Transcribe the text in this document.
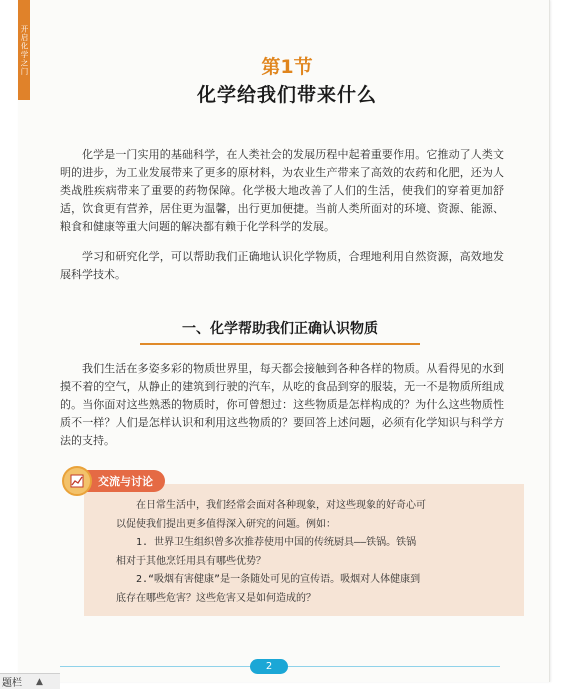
开启化学之门	第1节
化学给我们带来什么

化学是一门实用的基础科学，在人类社会的发展历程中起着重要作用。它推动了人类文明的进步，为工业发展带来了更多的原材料，为农业生产带来了高效的农药和化肥，还为人类战胜疾病带来了重要的药物保障。化学极大地改善了人们的生活，使我们的穿着更加舒适，饮食更有营养，居住更为温馨，出行更加便捷。当前人类所面对的环境、资源、能源、粮食和健康等重大问题的解决都有赖于化学科学的发展。

学习和研究化学，可以帮助我们正确地认识化学物质，合理地利用自然资源，高效地发展科学技术。

一、化学帮助我们正确认识物质

我们生活在多姿多彩的物质世界里，每天都会接触到各种各样的物质。从看得见的水到摸不着的空气，从静止的建筑到行驶的汽车，从吃的食品到穿的服装，无一不是物质所组成的。当你面对这些熟悉的物质时，你可曾想过：这些物质是怎样构成的？为什么这些物质性质不一样？人们是怎样认识和利用这些物质的？要回答上述问题，必须有化学知识与科学方法的支持。

交流与讨论

在日常生活中，我们经常会面对各种现象，对这些现象的好奇心可

以促使我们提出更多值得深入研究的问题。例如：

1. 世界卫生组织曾多次推荐使用中国的传统厨具——铁锅。铁锅

相对于其他烹饪用具有哪些优势？

2.“吸烟有害健康”是一条随处可见的宣传语。吸烟对人体健康到

底存在哪些危害？这些危害又是如何造成的？

2
题栏 ▲
